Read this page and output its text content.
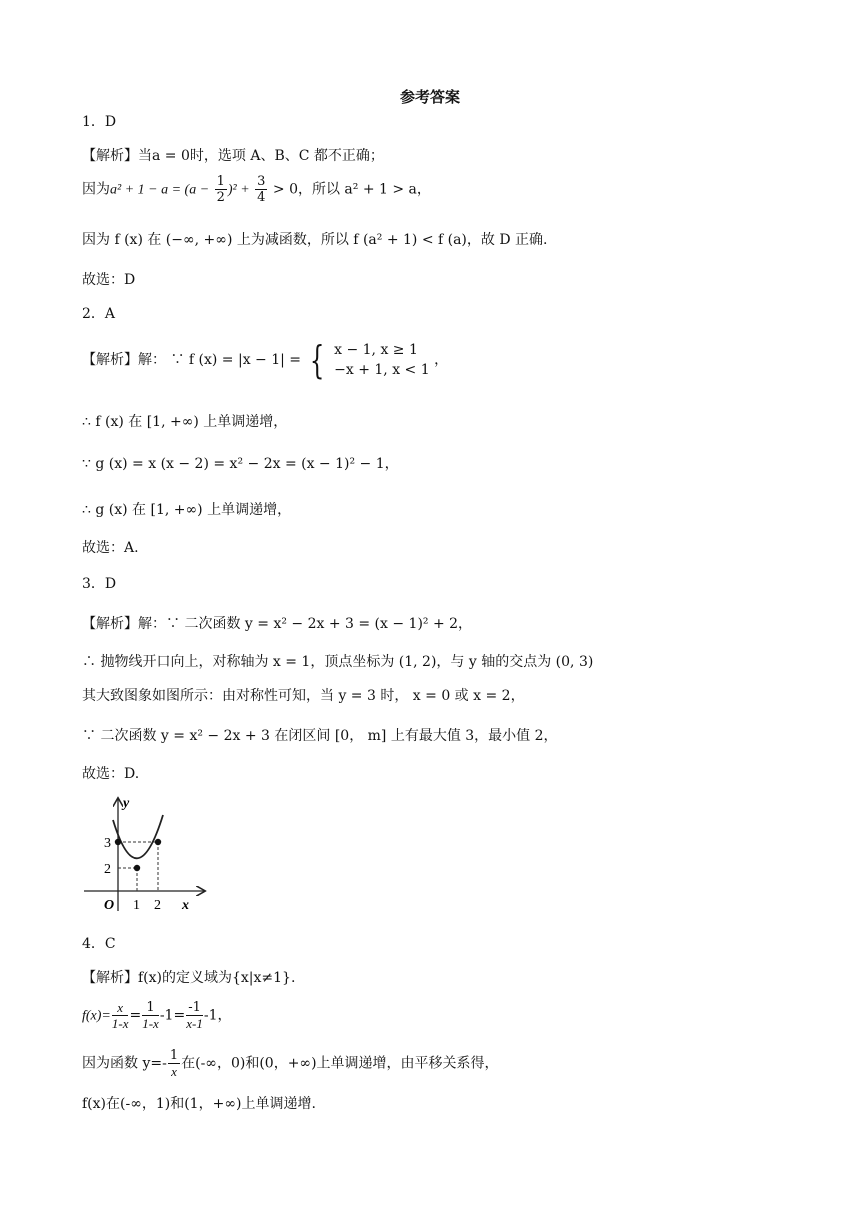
参考答案
1．D
【解析】当a = 0时，选项 A、B、C 都不正确；
因为$a^2 + 1 - a = (a - \frac{1}{2} )^2 + \frac{3}{4} > 0$，所以 a² + 1 > a，
因为 f (x) 在 (−∞, +∞) 上为减函数，所以 f (a² + 1) < f (a)，故 D 正确.
故选：D
2．A
【解析】解： ∵ f (x) = |x − 1| = { x − 1, x ≥ 1
−x + 1, x < 1
，
∴ f (x) 在 [1, +∞) 上单调递增，
∵ g (x) = x (x − 2) = x² − 2x = (x − 1)² − 1，
∴ g (x) 在 [1, +∞) 上单调递增，
故选：A.
3．D
【解析】解：∵ 二次函数 y = x² − 2x + 3 = (x − 1)² + 2，
∴ 抛物线开口向上，对称轴为 x = 1，顶点坐标为 (1, 2)，与 y 轴的交点为 (0, 3)
其大致图象如图所示：由对称性可知，当 y = 3 时， x = 0 或 x = 2，
∵ 二次函数 y = x² − 2x + 3 在闭区间 [0， m] 上有最大值 3，最小值 2，
故选：D.
y
x
O 1 2
2
3
4．C
【解析】f(x)的定义域为{x|x≠1}.
$f(x)= \frac{x}{1-x} = \frac{1}{1-x} -1= \frac{-1}{x-1} -1$，
因为函数 $y=- \frac{1}{x}$ 在(-∞，0)和(0，+∞)上单调递增，由平移关系得，
f(x)在(-∞，1)和(1，+∞)上单调递增.
